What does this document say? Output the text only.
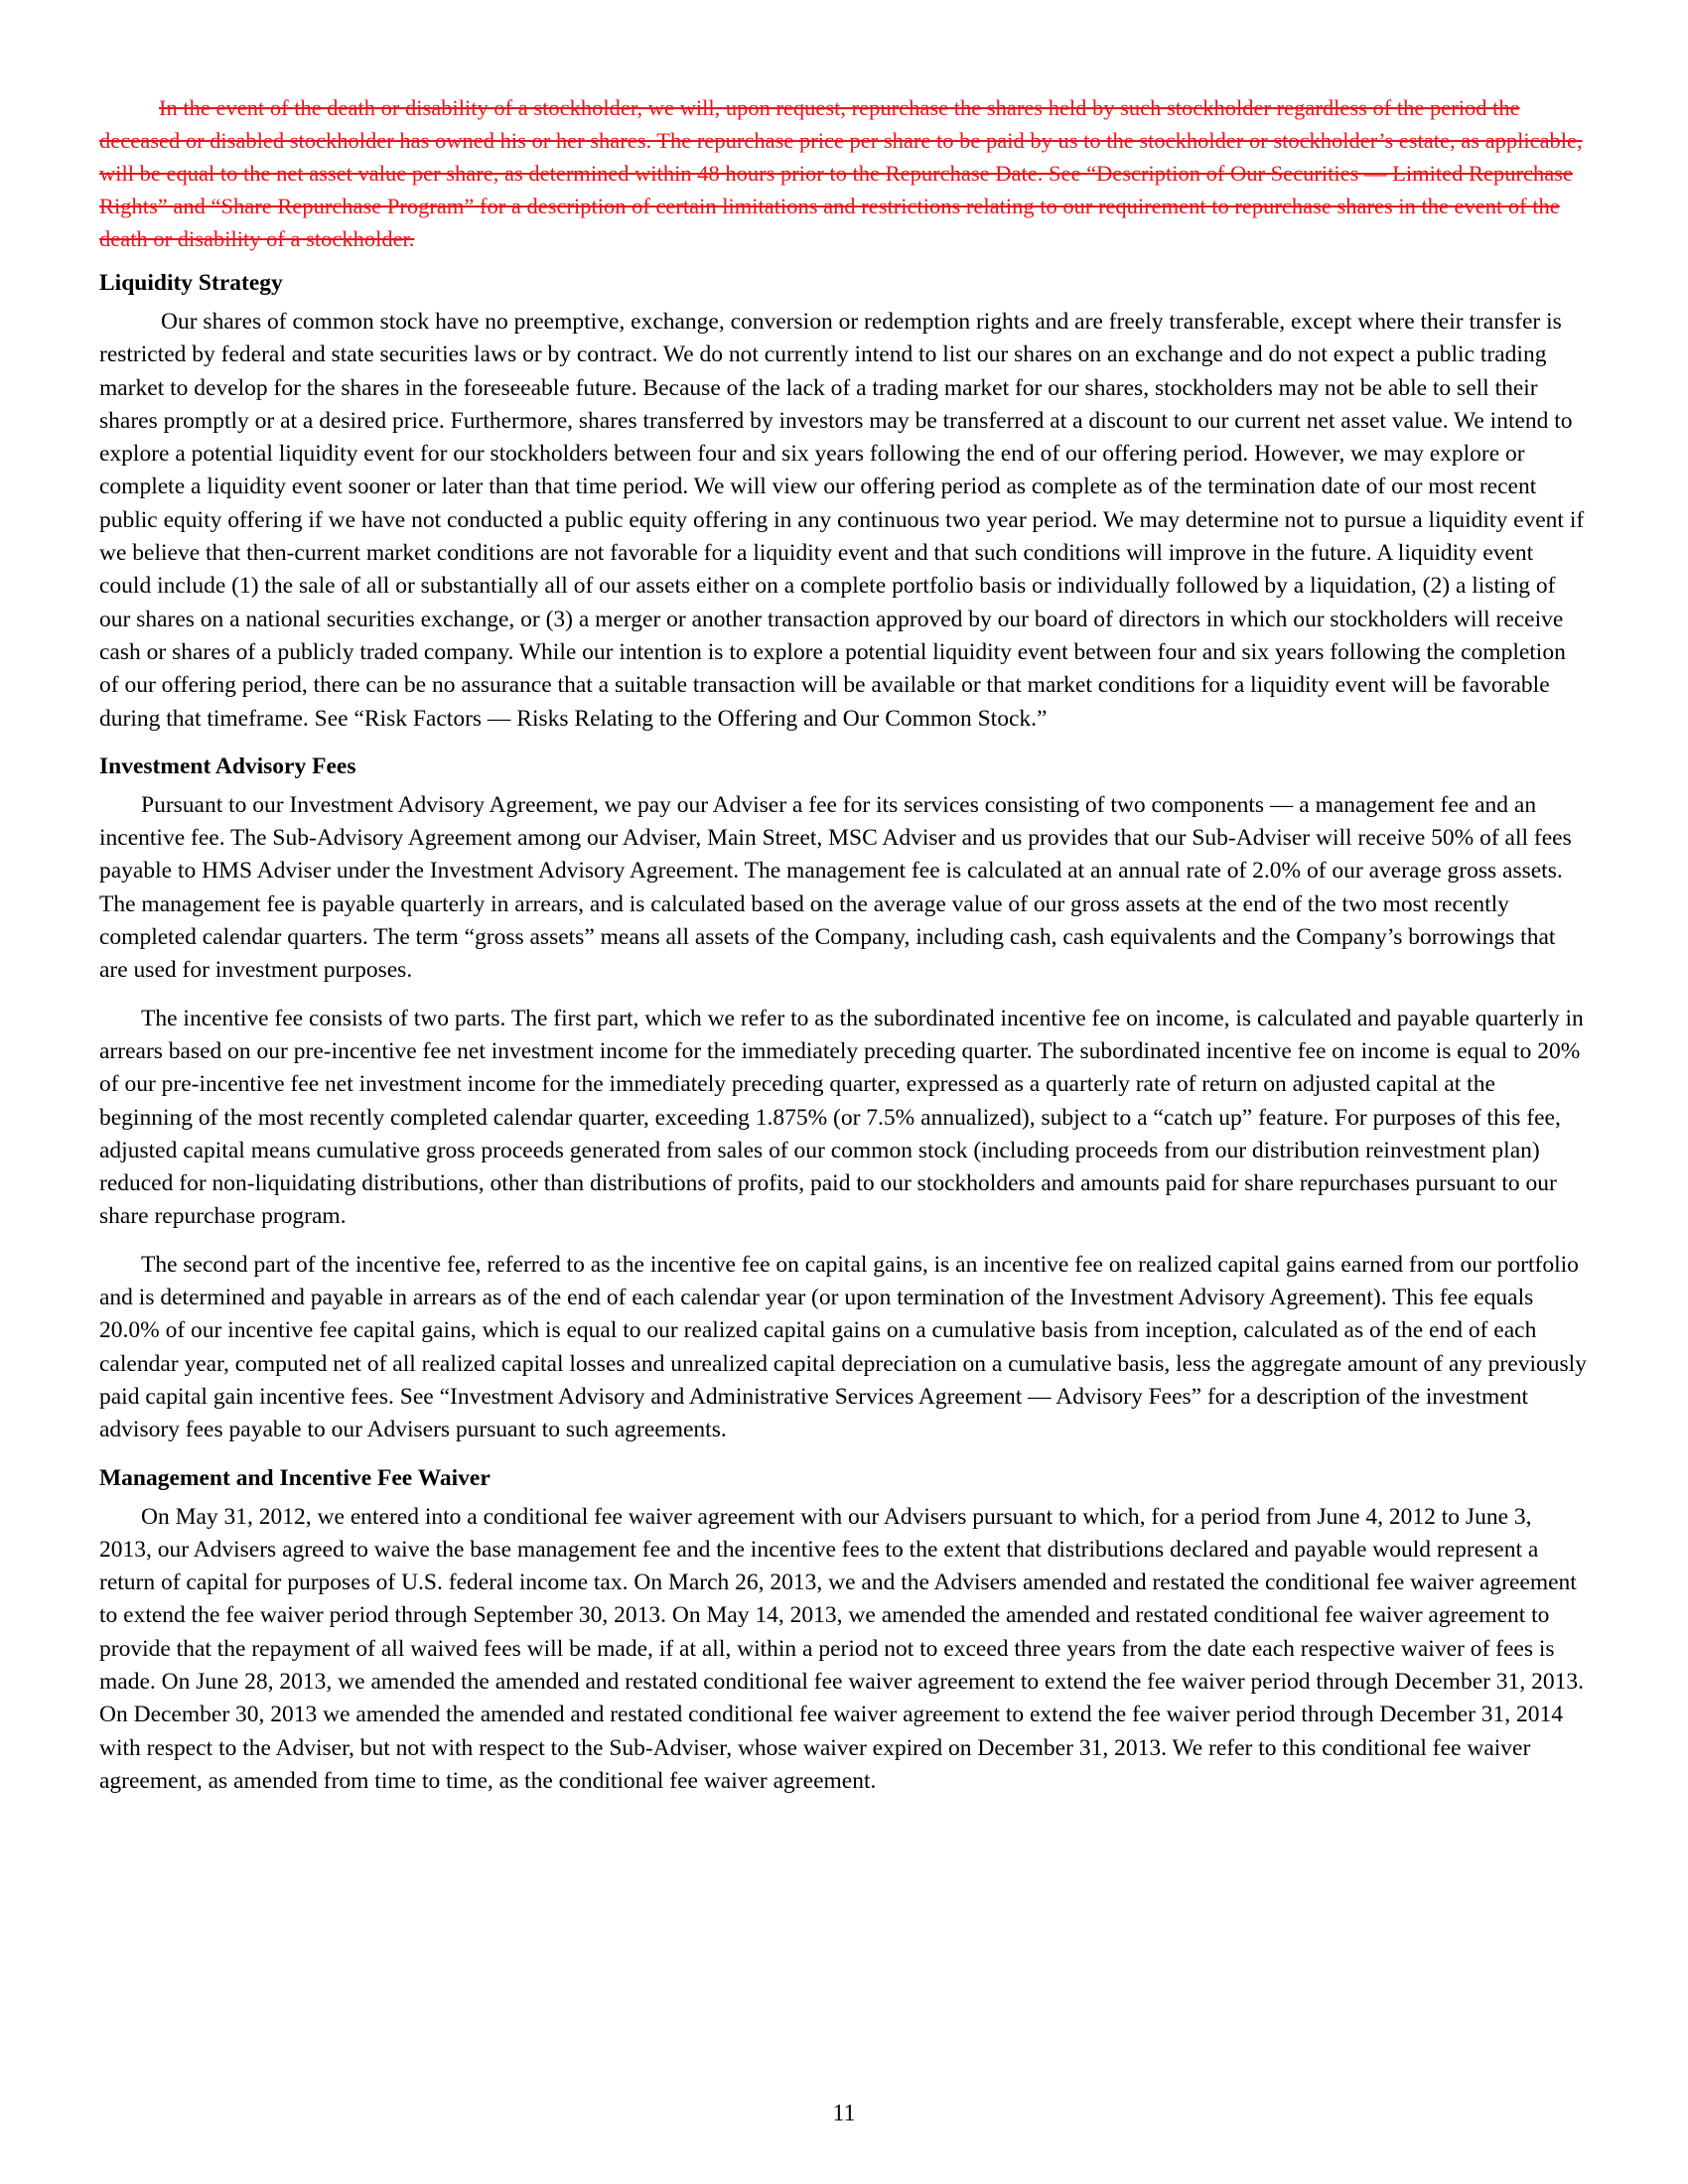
In the event of the death or disability of a stockholder, we will, upon request, repurchase the shares held by such stockholder regardless of the period the deceased or disabled stockholder has owned his or her shares. The repurchase price per share to be paid by us to the stockholder or stockholder’s estate, as applicable, will be equal to the net asset value per share, as determined within 48 hours prior to the Repurchase Date. See “Description of Our Securities — Limited Repurchase Rights” and “Share Repurchase Program” for a description of certain limitations and restrictions relating to our requirement to repurchase shares in the event of the death or disability of a stockholder.

Liquidity Strategy

Our shares of common stock have no preemptive, exchange, conversion or redemption rights and are freely transferable, except where their transfer is restricted by federal and state securities laws or by contract. We do not currently intend to list our shares on an exchange and do not expect a public trading market to develop for the shares in the foreseeable future. Because of the lack of a trading market for our shares, stockholders may not be able to sell their shares promptly or at a desired price. Furthermore, shares transferred by investors may be transferred at a discount to our current net asset value. We intend to explore a potential liquidity event for our stockholders between four and six years following the end of our offering period. However, we may explore or complete a liquidity event sooner or later than that time period. We will view our offering period as complete as of the termination date of our most recent public equity offering if we have not conducted a public equity offering in any continuous two year period. We may determine not to pursue a liquidity event if we believe that then-current market conditions are not favorable for a liquidity event and that such conditions will improve in the future. A liquidity event could include (1) the sale of all or substantially all of our assets either on a complete portfolio basis or individually followed by a liquidation, (2) a listing of our shares on a national securities exchange, or (3) a merger or another transaction approved by our board of directors in which our stockholders will receive cash or shares of a publicly traded company. While our intention is to explore a potential liquidity event between four and six years following the completion of our offering period, there can be no assurance that a suitable transaction will be available or that market conditions for a liquidity event will be favorable during that timeframe. See “Risk Factors — Risks Relating to the Offering and Our Common Stock.”

Investment Advisory Fees

Pursuant to our Investment Advisory Agreement, we pay our Adviser a fee for its services consisting of two components — a management fee and an incentive fee. The Sub-Advisory Agreement among our Adviser, Main Street, MSC Adviser and us provides that our Sub-Adviser will receive 50% of all fees payable to HMS Adviser under the Investment Advisory Agreement. The management fee is calculated at an annual rate of 2.0% of our average gross assets. The management fee is payable quarterly in arrears, and is calculated based on the average value of our gross assets at the end of the two most recently completed calendar quarters. The term “gross assets” means all assets of the Company, including cash, cash equivalents and the Company’s borrowings that are used for investment purposes.

The incentive fee consists of two parts. The first part, which we refer to as the subordinated incentive fee on income, is calculated and payable quarterly in arrears based on our pre-incentive fee net investment income for the immediately preceding quarter. The subordinated incentive fee on income is equal to 20% of our pre-incentive fee net investment income for the immediately preceding quarter, expressed as a quarterly rate of return on adjusted capital at the beginning of the most recently completed calendar quarter, exceeding 1.875% (or 7.5% annualized), subject to a “catch up” feature. For purposes of this fee, adjusted capital means cumulative gross proceeds generated from sales of our common stock (including proceeds from our distribution reinvestment plan) reduced for non-liquidating distributions, other than distributions of profits, paid to our stockholders and amounts paid for share repurchases pursuant to our share repurchase program.

The second part of the incentive fee, referred to as the incentive fee on capital gains, is an incentive fee on realized capital gains earned from our portfolio and is determined and payable in arrears as of the end of each calendar year (or upon termination of the Investment Advisory Agreement). This fee equals 20.0% of our incentive fee capital gains, which is equal to our realized capital gains on a cumulative basis from inception, calculated as of the end of each calendar year, computed net of all realized capital losses and unrealized capital depreciation on a cumulative basis, less the aggregate amount of any previously paid capital gain incentive fees. See “Investment Advisory and Administrative Services Agreement — Advisory Fees” for a description of the investment advisory fees payable to our Advisers pursuant to such agreements.

Management and Incentive Fee Waiver

On May 31, 2012, we entered into a conditional fee waiver agreement with our Advisers pursuant to which, for a period from June 4, 2012 to June 3, 2013, our Advisers agreed to waive the base management fee and the incentive fees to the extent that distributions declared and payable would represent a return of capital for purposes of U.S. federal income tax. On March 26, 2013, we and the Advisers amended and restated the conditional fee waiver agreement to extend the fee waiver period through September 30, 2013. On May 14, 2013, we amended the amended and restated conditional fee waiver agreement to provide that the repayment of all waived fees will be made, if at all, within a period not to exceed three years from the date each respective waiver of fees is made. On June 28, 2013, we amended the amended and restated conditional fee waiver agreement to extend the fee waiver period through December 31, 2013. On December 30, 2013 we amended the amended and restated conditional fee waiver agreement to extend the fee waiver period through December 31, 2014 with respect to the Adviser, but not with respect to the Sub-Adviser, whose waiver expired on December 31, 2013. We refer to this conditional fee waiver agreement, as amended from time to time, as the conditional fee waiver agreement.

11
